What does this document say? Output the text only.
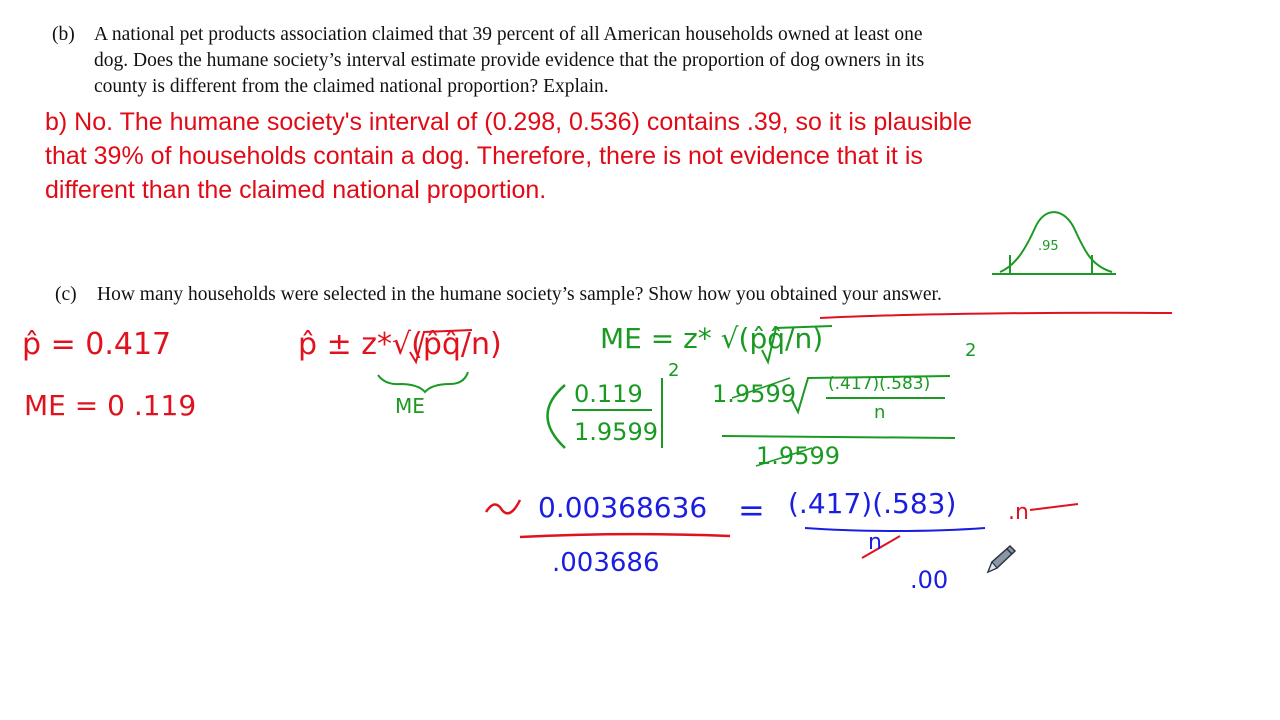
(b) A national pet products association claimed that 39 percent of all American households owned at least one
dog. Does the humane society’s interval estimate provide evidence that the proportion of dog owners in its
county is different from the claimed national proportion? Explain.
b) No. The humane society's interval of (0.298, 0.536) contains .39, so it is plausible
that 39% of households contain a dog. Therefore, there is not evidence that it is
different than the claimed national proportion.
(c) How many households were selected in the humane society’s sample? Show how you obtained your answer.
p̂ = 0.417
ME = 0 .119
p̂ ± z*√(p̂q̂/n)
ME
ME = z* √(p̂q̂/n)
.95
0.119
1.9599
2
1.9599 (.417)(.583)
n
2
1.9599
0.00368636 = (.417)(.583)
n
.n
.003686
.00
